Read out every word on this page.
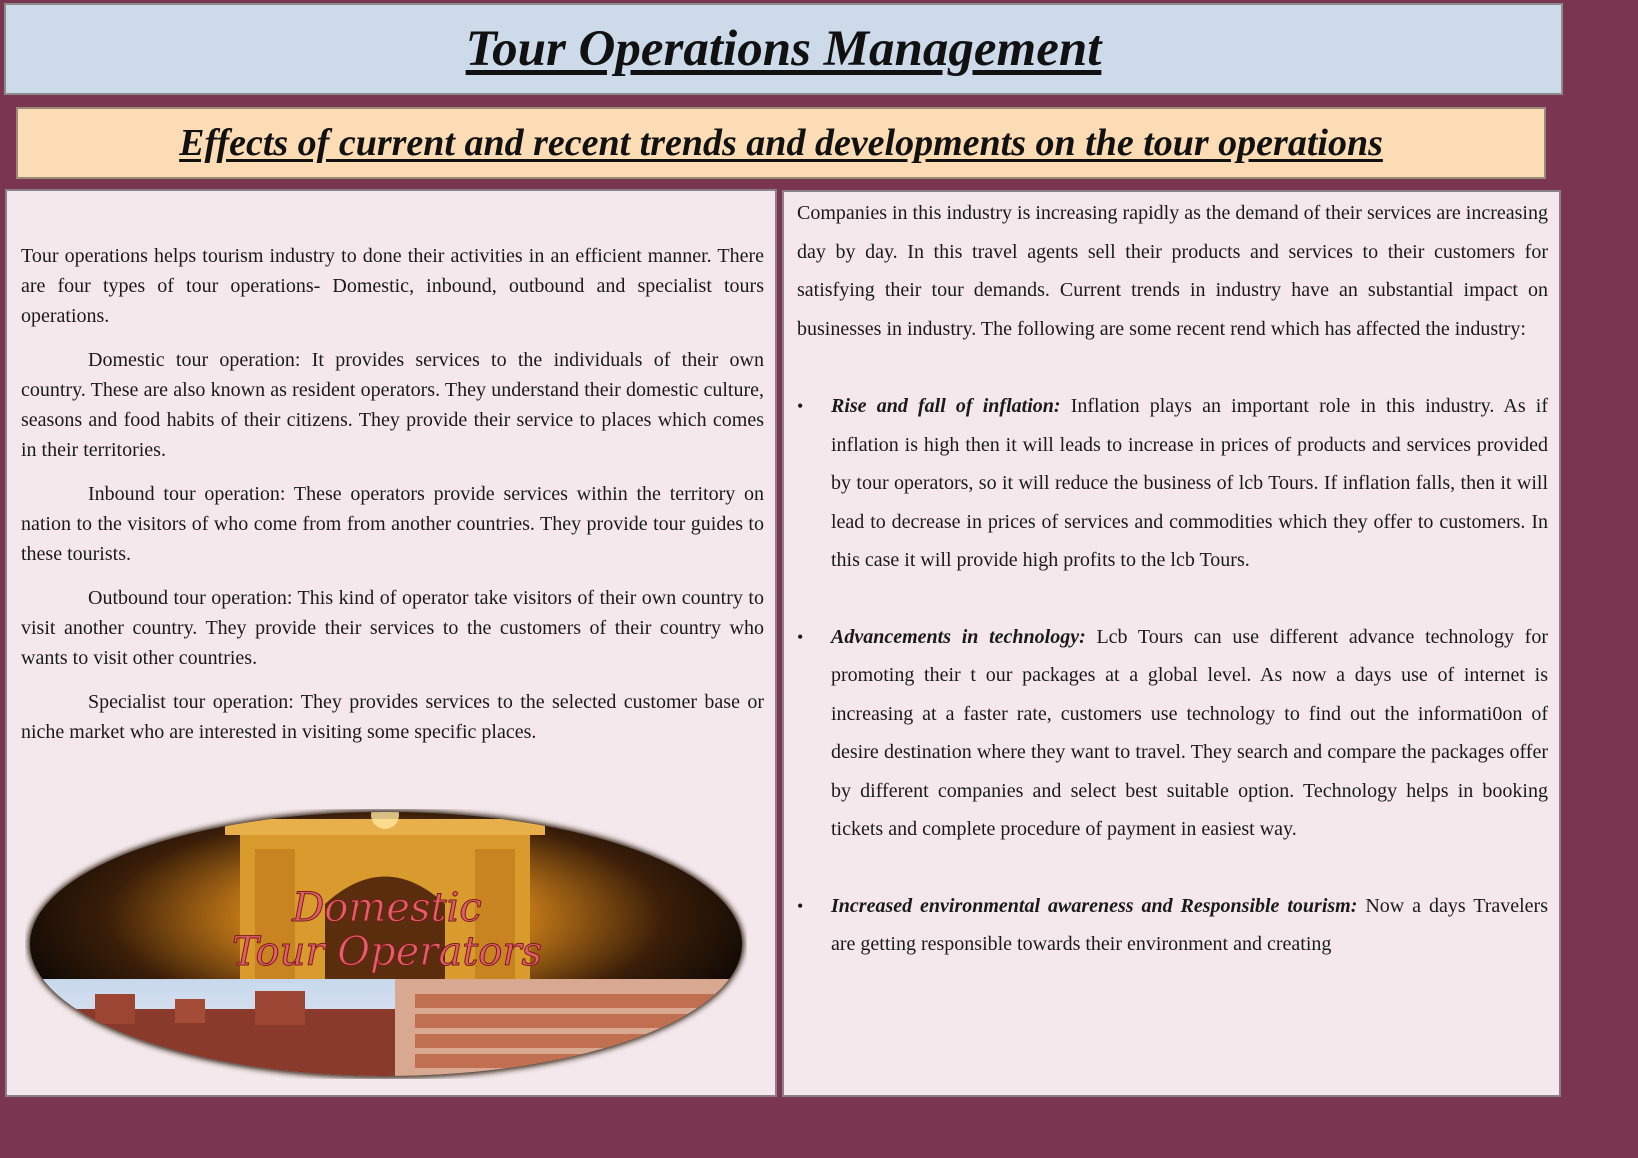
Tour Operations Management
Effects of current and recent trends and developments on the tour operations

Tour operations helps tourism industry to done their activities in an efficient manner. There are four types of tour operations- Domestic, inbound, outbound and specialist tours operations.

Domestic tour operation: It provides services to the individuals of their own country. These are also known as resident operators. They understand their domestic culture, seasons and food habits of their citizens. They provide their service to places which comes in their territories.

Inbound tour operation: These operators provide services within the territory on nation to the visitors of who come from from another countries. They provide tour guides to these tourists.

Outbound tour operation: This kind of operator take visitors of their own country to visit another country. They provide their services to the customers of their country who wants to visit other countries.

Specialist tour operation: They provides services to the selected customer base or niche market who are interested in visiting some specific places.

Domestic
Tour Operators

Companies in this industry is increasing rapidly as the demand of their services are increasing day by day. In this travel agents sell their products and services to their customers for satisfying their tour demands. Current trends in industry have an substantial impact on businesses in industry. The following are some recent rend which has affected the industry:

• Rise and fall of inflation: Inflation plays an important role in this industry. As if inflation is high then it will leads to increase in prices of products and services provided by tour operators, so it will reduce the business of lcb Tours. If inflation falls, then it will lead to decrease in prices of services and commodities which they offer to customers. In this case it will provide high profits to the lcb Tours.
• Advancements in technology: Lcb Tours can use different advance technology for promoting their t our packages at a global level. As now a days use of internet is increasing at a faster rate, customers use technology to find out the informati0on of desire destination where they want to travel. They search and compare the packages offer by different companies and select best suitable option. Technology helps in booking tickets and complete procedure of payment in easiest way.
• Increased environmental awareness and Responsible tourism: Now a days Travelers are getting responsible towards their environment and creating
